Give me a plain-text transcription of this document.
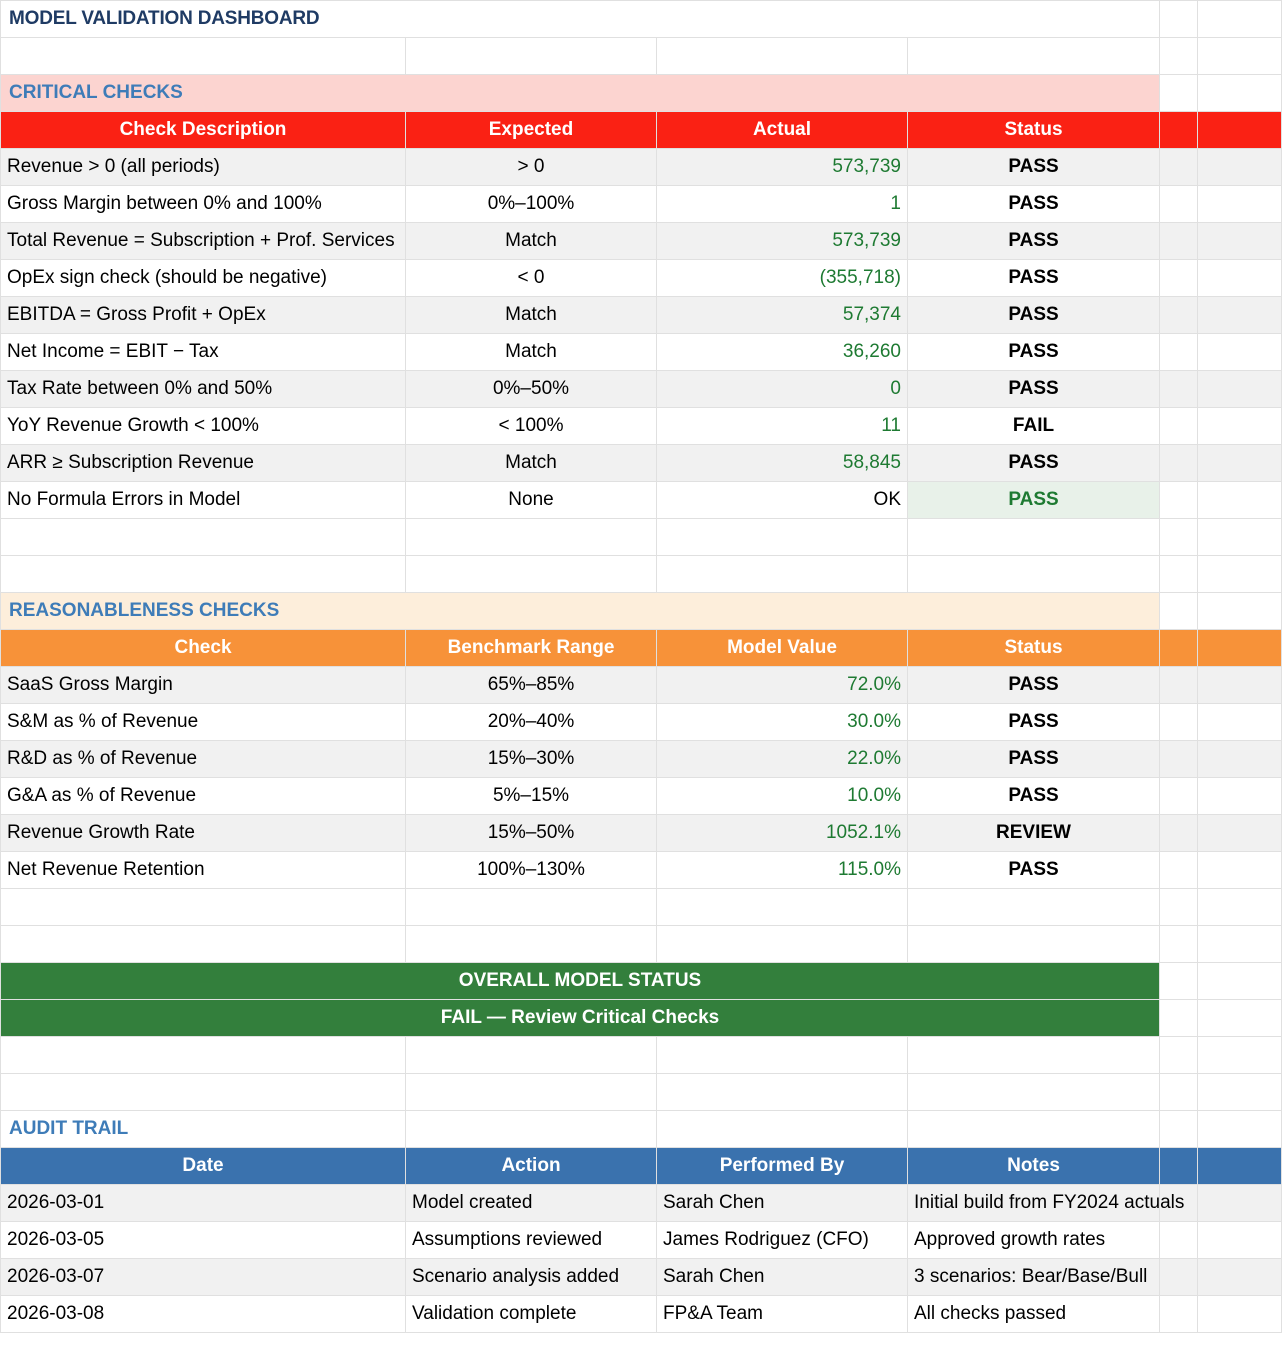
MODEL VALIDATION DASHBOARD					

CRITICAL CHECKS					
Check Description	Expected	Actual	Status		
Revenue > 0 (all periods)	> 0	573,739	PASS		
Gross Margin between 0% and 100%	0%–100%	1	PASS		
Total Revenue = Subscription + Prof. Services	Match	573,739	PASS		
OpEx sign check (should be negative)	< 0	(355,718)	PASS		
EBITDA = Gross Profit + OpEx	Match	57,374	PASS		
Net Income = EBIT − Tax	Match	36,260	PASS		
Tax Rate between 0% and 50%	0%–50%	0	PASS		
YoY Revenue Growth < 100%	< 100%	11	FAIL		
ARR ≥ Subscription Revenue	Match	58,845	PASS		
No Formula Errors in Model	None	OK	PASS		

REASONABLENESS CHECKS					
Check	Benchmark Range	Model Value	Status		
SaaS Gross Margin	65%–85%	72.0%	PASS		
S&M as % of Revenue	20%–40%	30.0%	PASS		
R&D as % of Revenue	15%–30%	22.0%	PASS		
G&A as % of Revenue	5%–15%	10.0%	PASS		
Revenue Growth Rate	15%–50%	1052.1%	REVIEW		
Net Revenue Retention	100%–130%	115.0%	PASS		

OVERALL MODEL STATUS					
FAIL — Review Critical Checks					

AUDIT TRAIL					
Date	Action	Performed By	Notes		
2026-03-01	Model created	Sarah Chen	Initial build from FY2024 actuals		
2026-03-05	Assumptions reviewed	James Rodriguez (CFO)	Approved growth rates		
2026-03-07	Scenario analysis added	Sarah Chen	3 scenarios: Bear/Base/Bull		
2026-03-08	Validation complete	FP&A Team	All checks passed		
